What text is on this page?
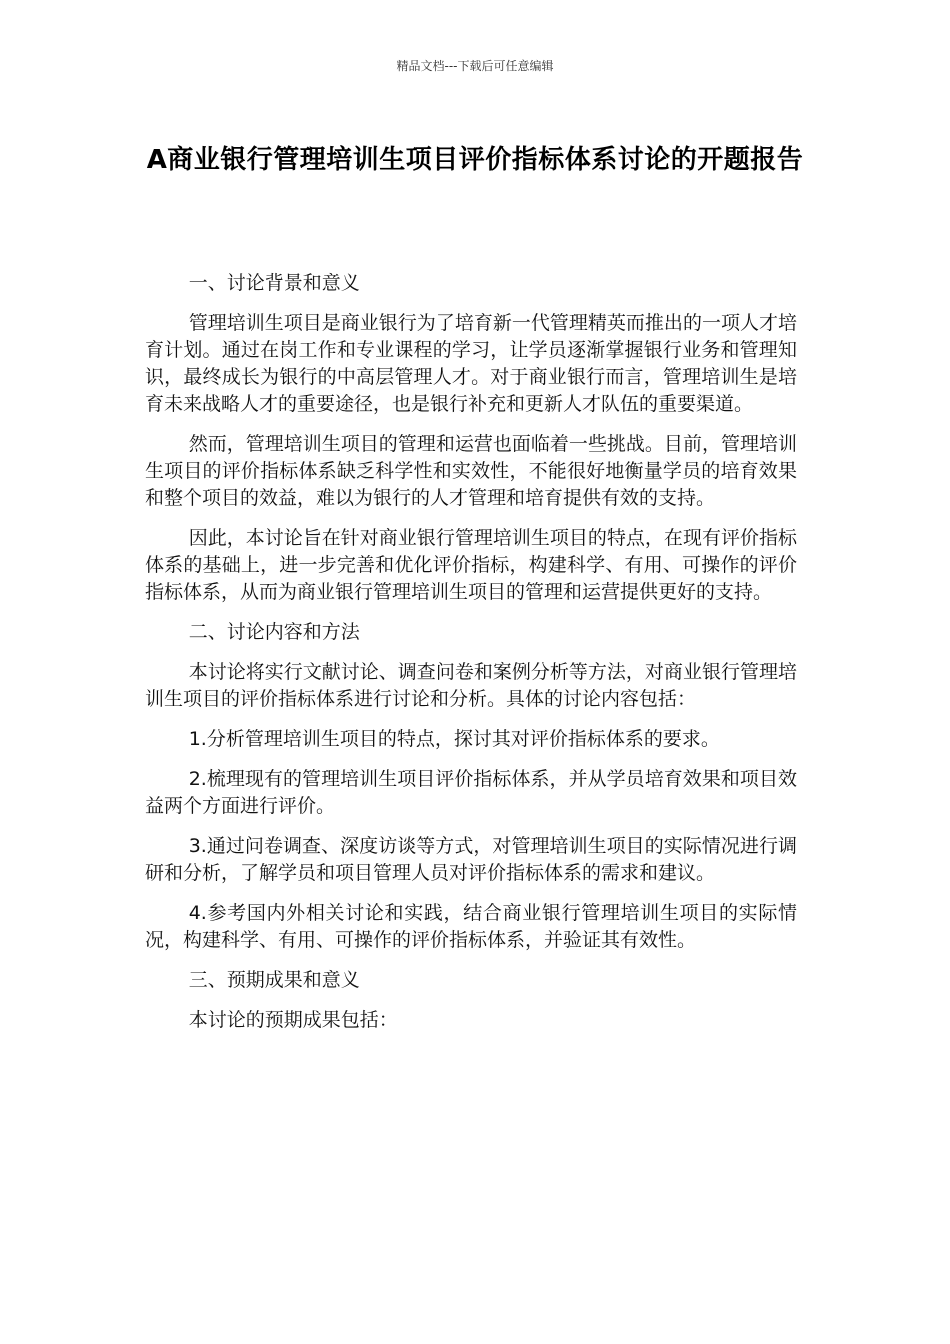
精品文档---下载后可任意编辑
A商业银行管理培训生项目评价指标体系讨论的开题报告

一、讨论背景和意义

管理培训生项目是商业银行为了培育新一代管理精英而推出的一项人才培育计划。通过在岗工作和专业课程的学习，让学员逐渐掌握银行业务和管理知识，最终成长为银行的中高层管理人才。对于商业银行而言，管理培训生是培育未来战略人才的重要途径，也是银行补充和更新人才队伍的重要渠道。

然而，管理培训生项目的管理和运营也面临着一些挑战。目前，管理培训生项目的评价指标体系缺乏科学性和实效性，不能很好地衡量学员的培育效果和整个项目的效益，难以为银行的人才管理和培育提供有效的支持。

因此，本讨论旨在针对商业银行管理培训生项目的特点，在现有评价指标体系的基础上，进一步完善和优化评价指标，构建科学、有用、可操作的评价指标体系，从而为商业银行管理培训生项目的管理和运营提供更好的支持。

二、讨论内容和方法

本讨论将实行文献讨论、调查问卷和案例分析等方法，对商业银行管理培训生项目的评价指标体系进行讨论和分析。具体的讨论内容包括：

1.分析管理培训生项目的特点，探讨其对评价指标体系的要求。

2.梳理现有的管理培训生项目评价指标体系，并从学员培育效果和项目效益两个方面进行评价。

3.通过问卷调查、深度访谈等方式，对管理培训生项目的实际情况进行调研和分析，了解学员和项目管理人员对评价指标体系的需求和建议。

4.参考国内外相关讨论和实践，结合商业银行管理培训生项目的实际情况，构建科学、有用、可操作的评价指标体系，并验证其有效性。

三、预期成果和意义

本讨论的预期成果包括：
